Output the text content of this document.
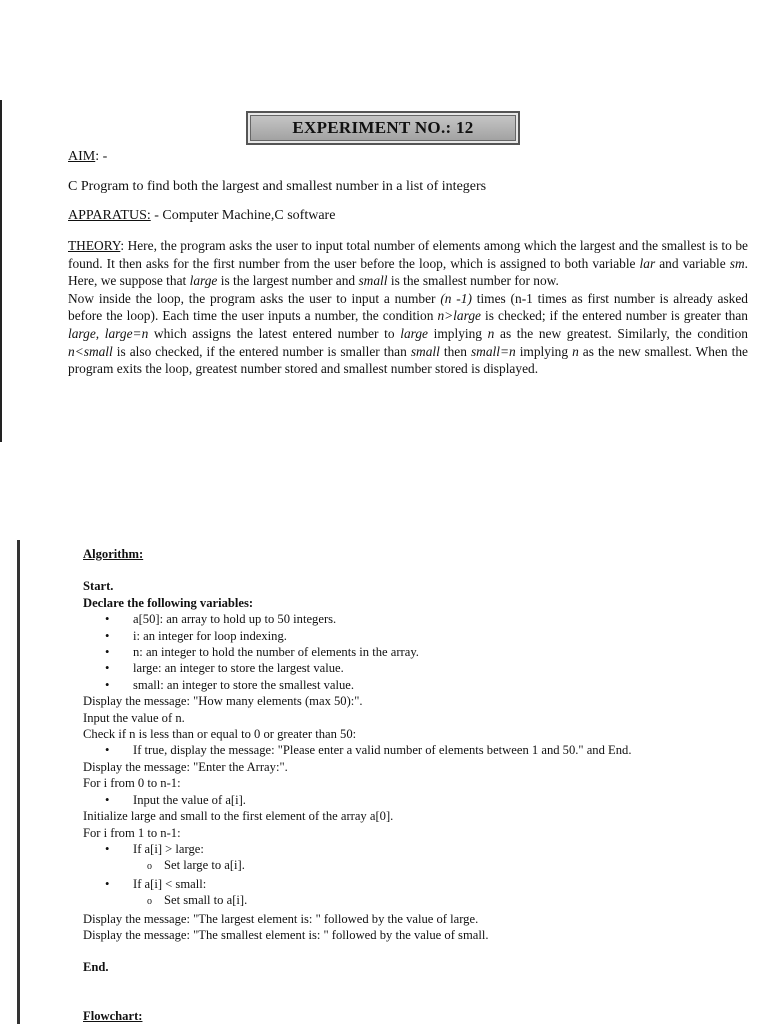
EXPERIMENT NO.: 12
AIM: -
C Program to find both the largest and smallest number in a list of integers
APPARATUS: - Computer Machine,C software

THEORY: Here, the program asks the user to input total number of elements among which the largest and the smallest is to be found. It then asks for the first number from the user before the loop, which is assigned to both variable lar and variable sm. Here, we suppose that large is the largest number and small is the smallest number for now.

Now inside the loop, the program asks the user to input a number (n -1) times (n-1 times as first number is already asked before the loop). Each time the user inputs a number, the condition n>large is checked; if the entered number is greater than large, large=n which assigns the latest entered number to large implying n as the new greatest. Similarly, the condition n<small is also checked, if the entered number is smaller than small then small=n implying n as the new smallest. When the program exits the loop, greatest number stored and smallest number stored is displayed.

Algorithm:
Start.
Declare the following variables:
• a[50]: an array to hold up to 50 integers.
• i: an integer for loop indexing.
• n: an integer to hold the number of elements in the array.
• large: an integer to store the largest value.
• small: an integer to store the smallest value.
Display the message: "How many elements (max 50):".
Input the value of n.
Check if n is less than or equal to 0 or greater than 50:
• If true, display the message: "Please enter a valid number of elements between 1 and 50." and End.
Display the message: "Enter the Array:".
For i from 0 to n-1:
• Input the value of a[i].
Initialize large and small to the first element of the array a[0].
For i from 1 to n-1:
• If a[i] > large:
o Set large to a[i].
• If a[i] < small:
o Set small to a[i].
Display the message: "The largest element is: " followed by the value of large.
Display the message: "The smallest element is: " followed by the value of small.
End.
Flowchart:
